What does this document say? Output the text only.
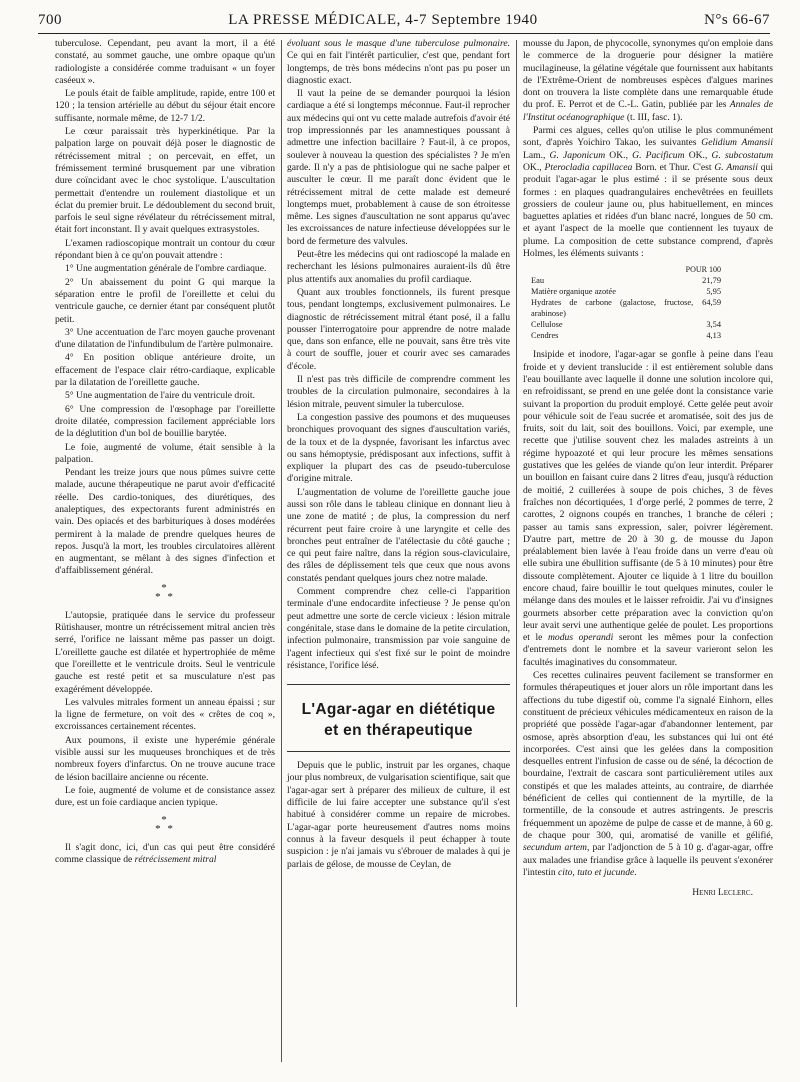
700	LA PRESSE MÉDICALE, 4-7 Septembre 1940	N°s 66-67

tuberculose. Cependant, peu avant la mort, il a été constaté, au sommet gauche, une ombre opaque qu'un radiologiste a considérée comme traduisant « un foyer caséeux ».

Le pouls était de faible amplitude, rapide, entre 100 et 120 ; la tension artérielle au début du séjour était encore suffisante, normale même, de 12-7 1/2.

Le cœur paraissait très hyperkinétique. Par la palpation large on pouvait déjà poser le diagnostic de rétrécissement mitral ; on percevait, en effet, un frémissement terminé brusquement par une vibration dure coïncidant avec le choc systolique. L'auscultation permettait d'entendre un roulement diastolique et un éclat du premier bruit. Le dédoublement du second bruit, parfois le seul signe révélateur du rétrécissement mitral, était fort inconstant. Il y avait quelques extrasystoles.

L'examen radioscopique montrait un contour du cœur répondant bien à ce qu'on pouvait attendre :

1° Une augmentation générale de l'ombre cardiaque.

2° Un abaissement du point G qui marque la séparation entre le profil de l'oreillette et celui du ventricule gauche, ce dernier étant par conséquent plutôt petit.

3° Une accentuation de l'arc moyen gauche provenant d'une dilatation de l'infundibulum de l'artère pulmonaire.

4° En position oblique antérieure droite, un effacement de l'espace clair rétro-cardiaque, explicable par la dilatation de l'oreillette gauche.

5° Une augmentation de l'aire du ventricule droit.

6° Une compression de l'œsophage par l'oreillette droite dilatée, compression facilement appréciable lors de la déglutition d'un bol de bouillie barytée.

Le foie, augmenté de volume, était sensible à la palpation.

Pendant les treize jours que nous pûmes suivre cette malade, aucune thérapeutique ne parut avoir d'efficacité réelle. Des cardio-toniques, des diurétiques, des analeptiques, des expectorants furent administrés en vain. Des opiacés et des barbituriques à doses modérées permirent à la malade de prendre quelques heures de repos. Jusqu'à la mort, les troubles circulatoires allèrent en augmentant, se mêlant à des signes d'infection et d'affaiblissement général.

*
* *

L'autopsie, pratiquée dans le service du professeur Rütishauser, montre un rétrécissement mitral ancien très serré, l'orifice ne laissant même pas passer un doigt. L'oreillette gauche est dilatée et hypertrophiée de même que l'oreillette et le ventricule droits. Seul le ventricule gauche est resté petit et sa musculature n'est pas exagérément développée.

Les valvules mitrales forment un anneau épaissi ; sur la ligne de fermeture, on voit des « crêtes de coq », excroissances certainement récentes.

Aux poumons, il existe une hyperémie générale visible aussi sur les muqueuses bronchiques et de très nombreux foyers d'infarctus. On ne trouve aucune trace de lésion bacillaire ancienne ou récente.

Le foie, augmenté de volume et de consistance assez dure, est un foie cardiaque ancien typique.

*
* *

Il s'agit donc, ici, d'un cas qui peut être considéré comme classique de rétrécissement mitral

évoluant sous le masque d'une tuberculose pulmonaire. Ce qui en fait l'intérêt particulier, c'est que, pendant fort longtemps, de très bons médecins n'ont pas pu poser un diagnostic exact.

Il vaut la peine de se demander pourquoi la lésion cardiaque a été si longtemps méconnue. Faut-il reprocher aux médecins qui ont vu cette malade autrefois d'avoir été trop impressionnés par les anamnestiques poussant à admettre une infection bacillaire ? Faut-il, à ce propos, soulever à nouveau la question des spécialistes ? Je m'en garde. Il n'y a pas de phtisiologue qui ne sache palper et ausculter le cœur. Il me paraît donc évident que le rétrécissement mitral de cette malade est demeuré longtemps muet, probablement à cause de son étroitesse même. Les signes d'auscultation ne sont apparus qu'avec les excroissances de nature infectieuse développées sur le bord de fermeture des valvules.

Peut-être les médecins qui ont radioscopé la malade en recherchant les lésions pulmonaires auraient-ils dû être plus attentifs aux anomalies du profil cardiaque.

Quant aux troubles fonctionnels, ils furent presque tous, pendant longtemps, exclusivement pulmonaires. Le diagnostic de rétrécissement mitral étant posé, il a fallu pousser l'interrogatoire pour apprendre de notre malade que, dans son enfance, elle ne pouvait, sans être très vite à court de souffle, jouer et courir avec ses camarades d'école.

Il n'est pas très difficile de comprendre comment les troubles de la circulation pulmonaire, secondaires à la lésion mitrale, peuvent simuler la tuberculose.

La congestion passive des poumons et des muqueuses bronchiques provoquant des signes d'auscultation variés, de la toux et de la dyspnée, favorisant les infarctus avec ou sans hémoptysie, prédisposant aux infections, suffit à expliquer la plupart des cas de pseudo-tuberculose d'origine mitrale.

L'augmentation de volume de l'oreillette gauche joue aussi son rôle dans le tableau clinique en donnant lieu à une zone de matité ; de plus, la compression du nerf récurrent peut faire croire à une laryngite et celle des bronches peut entraîner de l'atélectasie du côté gauche ; ce qui peut faire naître, dans la région sous-claviculaire, des râles de déplissement tels que ceux que nous avons constatés pendant quelques jours chez notre malade.

Comment comprendre chez celle-ci l'apparition terminale d'une endocardite infectieuse ? Je pense qu'on peut admettre une sorte de cercle vicieux : lésion mitrale congénitale, stase dans le domaine de la petite circulation, infection pulmonaire, transmission par voie sanguine de l'agent infectieux qui s'est fixé sur le point de moindre résistance, l'orifice lésé.

L'Agar-agar en diététique
et en thérapeutique

Depuis que le public, instruit par les organes, chaque jour plus nombreux, de vulgarisation scientifique, sait que l'agar-agar sert à préparer des milieux de culture, il est difficile de lui faire accepter une substance qu'il s'est habitué à considérer comme un repaire de microbes. L'agar-agar porte heureusement d'autres noms moins connus à la faveur desquels il peut échapper à toute suspicion : je n'ai jamais vu s'ébrouer de malades à qui je parlais de gélose, de mousse de Ceylan, de

mousse du Japon, de phycocolle, synonymes qu'on emploie dans le commerce de la droguerie pour désigner la matière mucilagineuse, la gélatine végétale que fournissent aux habitants de l'Extrême-Orient de nombreuses espèces d'algues marines dont on trouvera la liste complète dans une remarquable étude du prof. E. Perrot et de C.-L. Gatin, publiée par les Annales de l'Institut océanographique (t. III, fasc. 1).

Parmi ces algues, celles qu'on utilise le plus communément sont, d'après Yoichiro Takao, les suivantes Gelidium Amansii Lam., G. Japonicum OK., G. Pacificum OK., G. subcostatum OK., Pterocladia capillacea Born. et Thur. C'est G. Amansii qui produit l'agar-agar le plus estimé : il se présente sous deux formes : en plaques quadrangulaires enchevêtrées en feuillets grossiers de couleur jaune ou, plus habituellement, en minces baguettes aplaties et ridées d'un blanc nacré, longues de 50 cm. et ayant l'aspect de la moelle que contiennent les tuyaux de plume. La composition de cette substance comprend, d'après Holmes, les éléments suivants :

POUR 100
Eau	21,79
Matière organique azotée	5,95
Hydrates de carbone (galactose, fructose, arabinose)
64,59
Cellulose	3,54
Cendres	4,13

Insipide et inodore, l'agar-agar se gonfle à peine dans l'eau froide et y devient translucide : il est entièrement soluble dans l'eau bouillante avec laquelle il donne une solution incolore qui, en refroidissant, se prend en une gelée dont la consistance varie suivant la proportion du produit employé. Cette gelée peut avoir pour véhicule soit de l'eau sucrée et aromatisée, soit des jus de fruits, soit du lait, soit des bouillons. Voici, par exemple, une recette que j'utilise souvent chez les malades astreints à un régime hypoazoté et qui leur procure les mêmes sensations gustatives que les gelées de viande qu'on leur interdit. Préparer un bouillon en faisant cuire dans 2 litres d'eau, jusqu'à réduction de moitié, 2 cuillerées à soupe de pois chiches, 3 de fèves fraîches non décortiquées, 1 d'orge perlé, 2 pommes de terre, 2 carottes, 2 oignons coupés en tranches, 1 branche de céleri ; passer au tamis sans expression, saler, poivrer légèrement. D'autre part, mettre de 20 à 30 g. de mousse du Japon préalablement bien lavée à l'eau froide dans un verre d'eau où elle subira une ébullition suffisante (de 5 à 10 minutes) pour être dissoute complètement. Ajouter ce liquide à 1 litre du bouillon encore chaud, faire bouillir le tout quelques minutes, couler le mélange dans des moules et le laisser refroidir. J'ai vu d'insignes gourmets absorber cette préparation avec la conviction qu'on leur avait servi une authentique gelée de poulet. Les proportions et le modus operandi seront les mêmes pour la confection d'entremets dont le nombre et la saveur varieront selon les facultés imaginatives du consommateur.

Ces recettes culinaires peuvent facilement se transformer en formules thérapeutiques et jouer alors un rôle important dans les affections du tube digestif où, comme l'a signalé Einhorn, elles constituent de précieux véhicules médicamenteux en raison de la propriété que possède l'agar-agar d'abandonner lentement, par osmose, après absorption d'eau, les substances qui lui ont été incorporées. C'est ainsi que les gelées dans la composition desquelles entrent l'infusion de casse ou de séné, la décoction de bourdaine, l'extrait de cascara sont particulièrement utiles aux constipés et que les malades atteints, au contraire, de diarrhée bénéficient de celles qui contiennent de la myrtille, de la tormentille, de la consoude et autres astringents. Je prescris fréquemment un apozème de pulpe de casse et de manne, à 60 g. de chaque pour 300, qui, aromatisé de vanille et gélifié, secundum artem, par l'adjonction de 5 à 10 g. d'agar-agar, offre aux malades une friandise grâce à laquelle ils peuvent s'exonérer l'intestin cito, tuto et jucunde.

Henri Leclerc.
